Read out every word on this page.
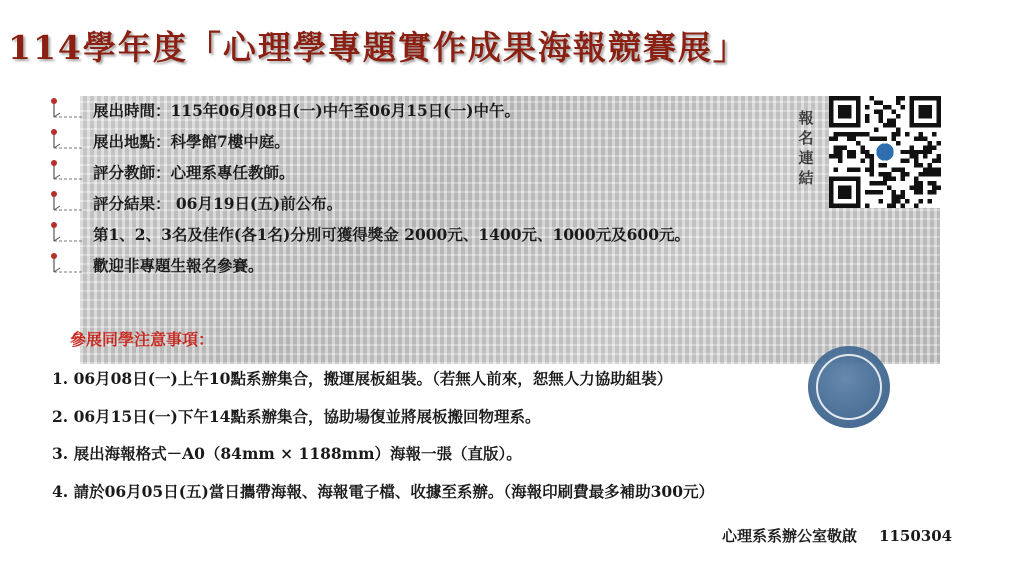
114學年度「心理學專題實作成果海報競賽展」
展出時間：115年06月08日(一)中午至06月15日(一)中午。
展出地點：科學館7樓中庭。
評分教師：心理系專任教師。
評分結果： 06月19日(五)前公布。
第1、2、3名及佳作(各1名)分別可獲得獎金 2000元、1400元、1000元及600元。
歡迎非專題生報名參賽。
報
名
連
結
參展同學注意事項：
1. 06月08日(一)上午10點系辦集合，搬運展板組裝。（若無人前來，恕無人力協助組裝）
2. 06月15日(一)下午14點系辦集合，協助場復並將展板搬回物理系。
3. 展出海報格式－A0（84mm × 1188mm）海報一張（直版）。
4. 請於06月05日(五)當日攜帶海報、海報電子檔、收據至系辦。（海報印刷費最多補助300元）
心理系系辦公室敬啟 1150304
